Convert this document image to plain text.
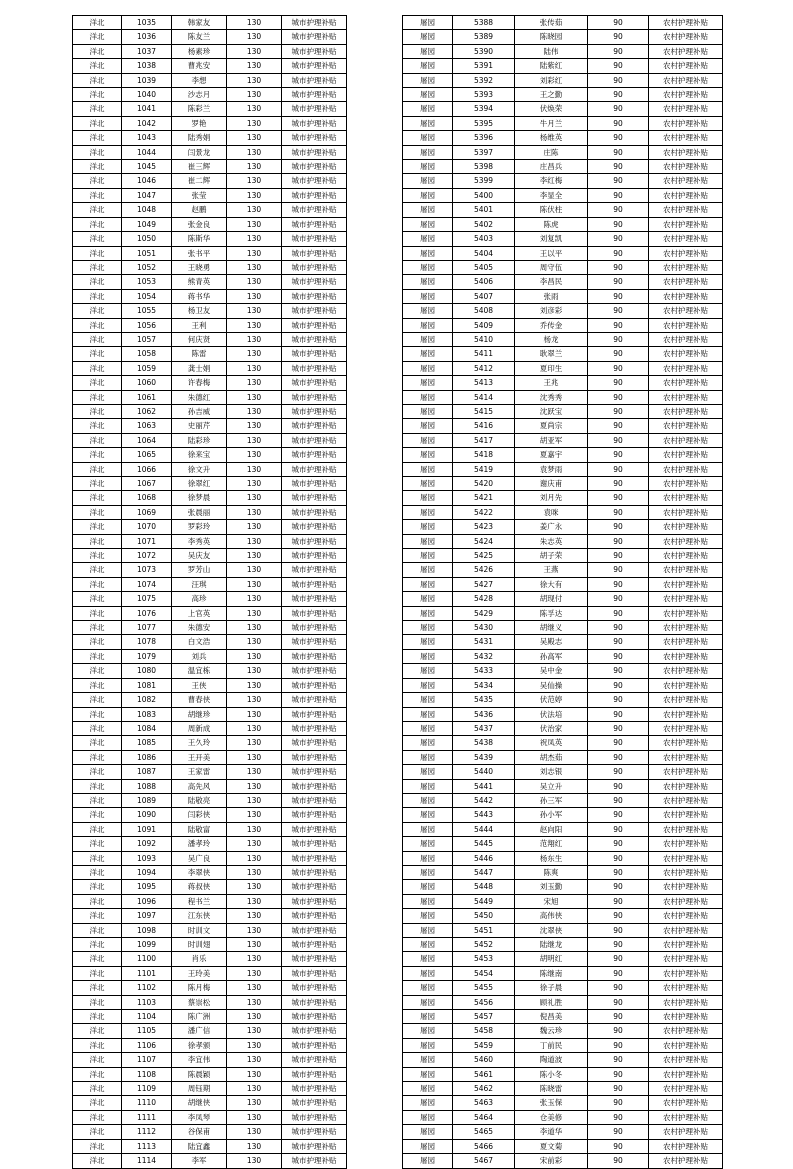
洋北	1035	韩家友	130	城市护理补贴
洋北	1036	陈友兰	130	城市护理补贴
洋北	1037	杨素珍	130	城市护理补贴
洋北	1038	曹兆安	130	城市护理补贴
洋北	1039	李想	130	城市护理补贴
洋北	1040	沙志月	130	城市护理补贴
洋北	1041	陈彩兰	130	城市护理补贴
洋北	1042	罗艳	130	城市护理补贴
洋北	1043	陆秀娟	130	城市护理补贴
洋北	1044	闫景龙	130	城市护理补贴
洋北	1045	崔三辉	130	城市护理补贴
洋北	1046	崔二辉	130	城市护理补贴
洋北	1047	张莹	130	城市护理补贴
洋北	1048	赵鹏	130	城市护理补贴
洋北	1049	张金良	130	城市护理补贴
洋北	1050	陈斯华	130	城市护理补贴
洋北	1051	张书平	130	城市护理补贴
洋北	1052	王晓勇	130	城市护理补贴
洋北	1053	熊青英	130	城市护理补贴
洋北	1054	蒋书华	130	城市护理补贴
洋北	1055	杨卫友	130	城市护理补贴
洋北	1056	王利	130	城市护理补贴
洋北	1057	何庆贤	130	城市护理补贴
洋北	1058	陈雷	130	城市护理补贴
洋北	1059	龚士娟	130	城市护理补贴
洋北	1060	许春梅	130	城市护理补贴
洋北	1061	朱德红	130	城市护理补贴
洋北	1062	孙吉威	130	城市护理补贴
洋北	1063	史丽芹	130	城市护理补贴
洋北	1064	陆彩珍	130	城市护理补贴
洋北	1065	徐来宝	130	城市护理补贴
洋北	1066	徐文升	130	城市护理补贴
洋北	1067	徐翠红	130	城市护理补贴
洋北	1068	徐梦晨	130	城市护理补贴
洋北	1069	张晨丽	130	城市护理补贴
洋北	1070	罗彩玲	130	城市护理补贴
洋北	1071	李秀英	130	城市护理补贴
洋北	1072	吴庆友	130	城市护理补贴
洋北	1073	罗芳山	130	城市护理补贴
洋北	1074	汪琪	130	城市护理补贴
洋北	1075	高珍	130	城市护理补贴
洋北	1076	上官英	130	城市护理补贴
洋北	1077	朱德安	130	城市护理补贴
洋北	1078	白文浩	130	城市护理补贴
洋北	1079	刘兵	130	城市护理补贴
洋北	1080	温宜栋	130	城市护理补贴
洋北	1081	王侠	130	城市护理补贴
洋北	1082	曹春侠	130	城市护理补贴
洋北	1083	胡继珍	130	城市护理补贴
洋北	1084	周新成	130	城市护理补贴
洋北	1085	王久玲	130	城市护理补贴
洋北	1086	王开美	130	城市护理补贴
洋北	1087	王家雷	130	城市护理补贴
洋北	1088	高先风	130	城市护理补贴
洋北	1089	陆敬亮	130	城市护理补贴
洋北	1090	闫彩侠	130	城市护理补贴
洋北	1091	陆敬富	130	城市护理补贴
洋北	1092	潘孝玲	130	城市护理补贴
洋北	1093	吴广良	130	城市护理补贴
洋北	1094	李翠侠	130	城市护理补贴
洋北	1095	蒋叔侠	130	城市护理补贴
洋北	1096	程书兰	130	城市护理补贴
洋北	1097	江东侠	130	城市护理补贴
洋北	1098	时训文	130	城市护理补贴
洋北	1099	时训翅	130	城市护理补贴
洋北	1100	肖乐	130	城市护理补贴
洋北	1101	王玲美	130	城市护理补贴
洋北	1102	陈月梅	130	城市护理补贴
洋北	1103	蔡崇松	130	城市护理补贴
洋北	1104	陈广洲	130	城市护理补贴
洋北	1105	潘广信	130	城市护理补贴
洋北	1106	徐孝颁	130	城市护理补贴
洋北	1107	李宜伟	130	城市护理补贴
洋北	1108	陈晨颖	130	城市护理补贴
洋北	1109	周钰期	130	城市护理补贴
洋北	1110	胡继侠	130	城市护理补贴
洋北	1111	李凤琴	130	城市护理补贴
洋北	1112	谷保甫	130	城市护理补贴
洋北	1113	陆宜鑫	130	城市护理补贴
洋北	1114	李军	130	城市护理补贴
屠园	5388	张传茹	90	农村护理补贴
屠园	5389	陈晓园	90	农村护理补贴
屠园	5390	陆伟	90	农村护理补贴
屠园	5391	陆紫红	90	农村护理补贴
屠园	5392	刘彩红	90	农村护理补贴
屠园	5393	王之勤	90	农村护理补贴
屠园	5394	伏焕荣	90	农村护理补贴
屠园	5395	牛月兰	90	农村护理补贴
屠园	5396	杨维英	90	农村护理补贴
屠园	5397	庄陈	90	农村护理补贴
屠园	5398	庄昌兵	90	农村护理补贴
屠园	5399	李红梅	90	农村护理补贴
屠园	5400	李显全	90	农村护理补贴
屠园	5401	陈伏柱	90	农村护理补贴
屠园	5402	陈虎	90	农村护理补贴
屠园	5403	刘复凯	90	农村护理补贴
屠园	5404	王以平	90	农村护理补贴
屠园	5405	周守伍	90	农村护理补贴
屠园	5406	李昌民	90	农村护理补贴
屠园	5407	张雨	90	农村护理补贴
屠园	5408	刘彦彩	90	农村护理补贴
屠园	5409	乔传金	90	农村护理补贴
屠园	5410	杨龙	90	农村护理补贴
屠园	5411	耿翠兰	90	农村护理补贴
屠园	5412	夏印生	90	农村护理补贴
屠园	5413	王兆	90	农村护理补贴
屠园	5414	沈秀秀	90	农村护理补贴
屠园	5415	沈跃宝	90	农村护理补贴
屠园	5416	夏尚宗	90	农村护理补贴
屠园	5417	胡亚军	90	农村护理补贴
屠园	5418	夏嘉宇	90	农村护理补贴
屠园	5419	袁梦雨	90	农村护理补贴
屠园	5420	谢庆甫	90	农村护理补贴
屠园	5421	刘月先	90	农村护理补贴
屠园	5422	袁咪	90	农村护理补贴
屠园	5423	姜广永	90	农村护理补贴
屠园	5424	朱志英	90	农村护理补贴
屠园	5425	胡子荣	90	农村护理补贴
屠园	5426	王燕	90	农村护理补贴
屠园	5427	徐大有	90	农村护理补贴
屠园	5428	胡现付	90	农村护理补贴
屠园	5429	陈孚达	90	农村护理补贴
屠园	5430	胡继义	90	农村护理补贴
屠园	5431	吴殿志	90	农村护理补贴
屠园	5432	孙高军	90	农村护理补贴
屠园	5433	吴中金	90	农村护理补贴
屠园	5434	吴仙操	90	农村护理补贴
屠园	5435	伏范婷	90	农村护理补贴
屠园	5436	伏法培	90	农村护理补贴
屠园	5437	伏治家	90	农村护理补贴
屠园	5438	祝凤英	90	农村护理补贴
屠园	5439	胡杰茹	90	农村护理补贴
屠园	5440	刘志银	90	农村护理补贴
屠园	5441	吴立升	90	农村护理补贴
屠园	5442	孙三军	90	农村护理补贴
屠园	5443	孙小军	90	农村护理补贴
屠园	5444	赵向阳	90	农村护理补贴
屠园	5445	范翔红	90	农村护理补贴
屠园	5446	杨东生	90	农村护理补贴
屠园	5447	陈爽	90	农村护理补贴
屠园	5448	刘玉勤	90	农村护理补贴
屠园	5449	宋旭	90	农村护理补贴
屠园	5450	高伟侠	90	农村护理补贴
屠园	5451	沈翠侠	90	农村护理补贴
屠园	5452	陆继龙	90	农村护理补贴
屠园	5453	胡明红	90	农村护理补贴
屠园	5454	陈继南	90	农村护理补贴
屠园	5455	徐子晨	90	农村护理补贴
屠园	5456	顾礼胜	90	农村护理补贴
屠园	5457	倪昌美	90	农村护理补贴
屠园	5458	魏云珍	90	农村护理补贴
屠园	5459	丁前民	90	农村护理补贴
屠园	5460	陶道波	90	农村护理补贴
屠园	5461	陈小冬	90	农村护理补贴
屠园	5462	陈晓雷	90	农村护理补贴
屠园	5463	张玉保	90	农村护理补贴
屠园	5464	仓美修	90	农村护理补贴
屠园	5465	李道华	90	农村护理补贴
屠园	5466	夏文菊	90	农村护理补贴
屠园	5467	宋前彩	90	农村护理补贴
